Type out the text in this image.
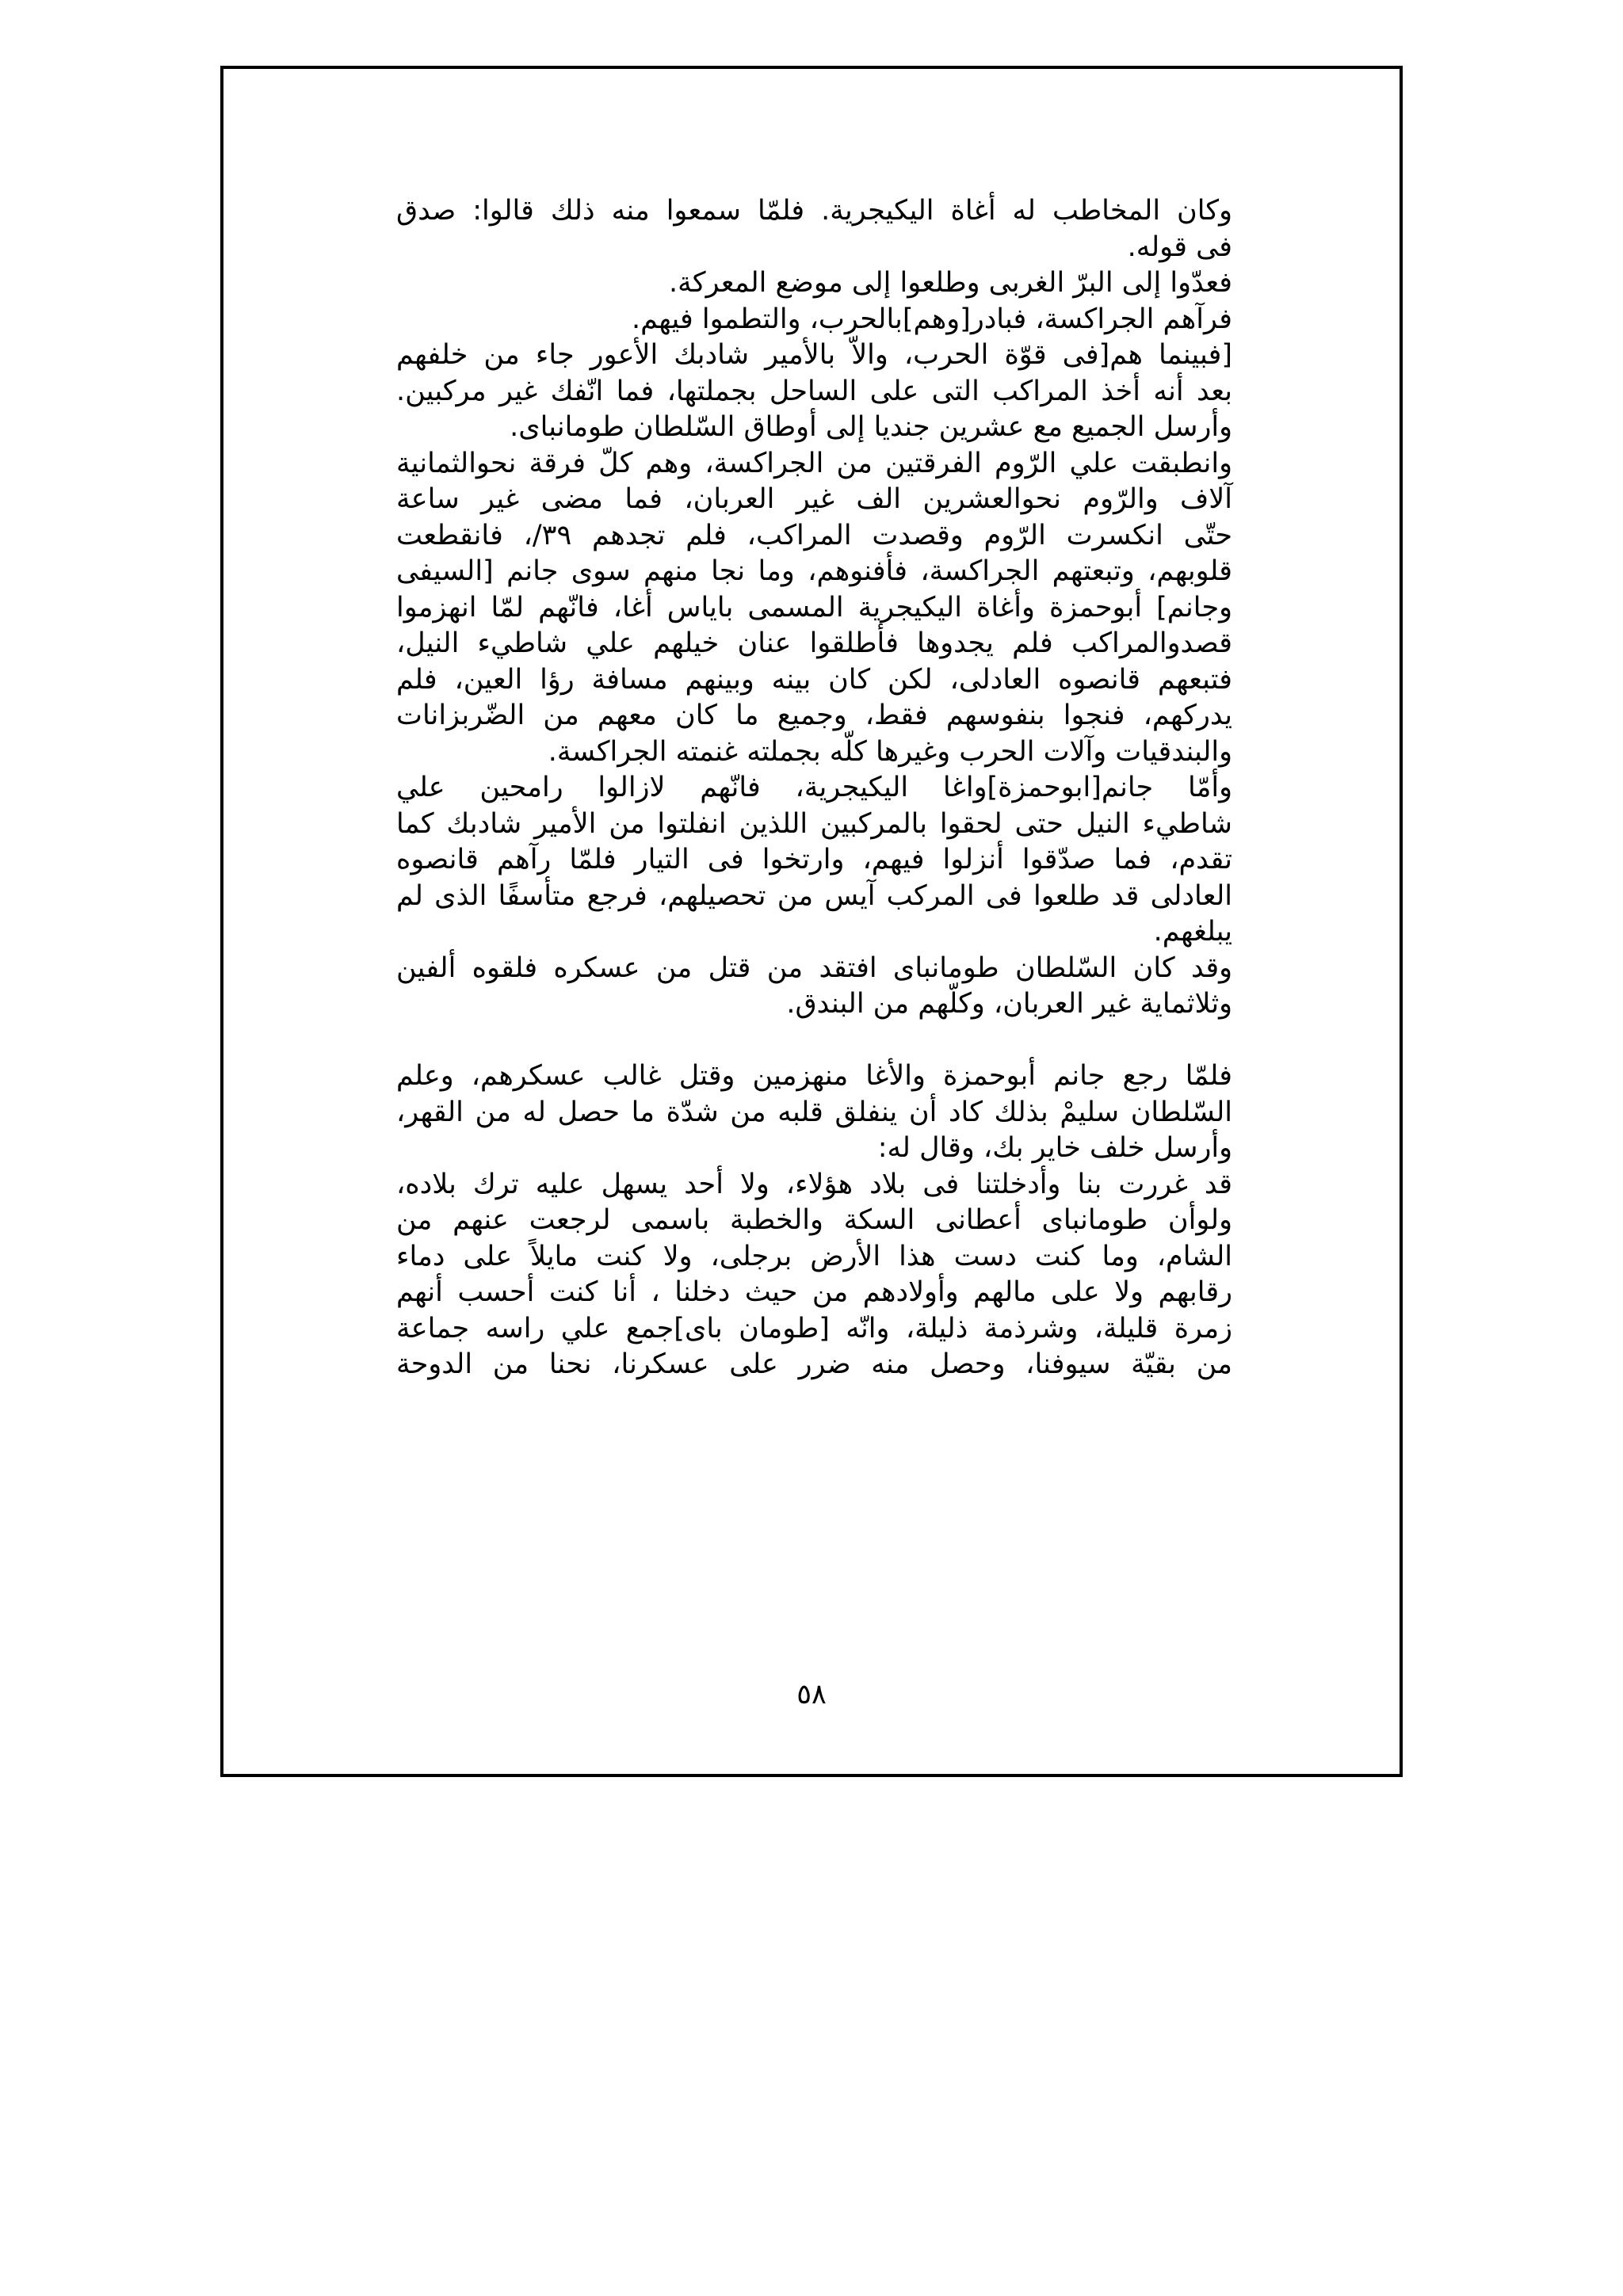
وكان المخاطب له أغاة اليكيجرية. فلمّا سمعوا منه ذلك قالوا: صدق
فى قوله.
فعدّوا إلى البرّ الغربى وطلعوا إلى موضع المعركة.
فرآهم الجراكسة، فبادر[وهم]بالحرب، والتطموا فيهم.
[فبينما هم[فى قوّة الحرب، والاّ بالأمير شادبك الأعور جاء من خلفهم
بعد أنه أخذ المراكب التى على الساحل بجملتها، فما انّفك غير مركبين.
وأرسل الجميع مع عشرين جنديا إلى أوطاق السّلطان طومانباى.
وانطبقت علي الرّوم الفرقتين من الجراكسة، وهم كلّ فرقة نحوالثمانية
آلاف والرّوم نحوالعشرين الف غير العربان، فما مضى غير ساعة
حتّى انكسرت الرّوم وقصدت المراكب، فلم تجدهم ٣٩/، فانقطعت
قلوبهم، وتبعتهم الجراكسة، فأفنوهم، وما نجا منهم سوى جانم [السيفى
وجانم] أبوحمزة وأغاة اليكيجرية المسمى باياس أغا، فانّهم لمّا انهزموا
قصدوالمراكب فلم يجدوها فأطلقوا عنان خيلهم علي شاطيء النيل،
فتبعهم قانصوه العادلى، لكن كان بينه وبينهم مسافة رؤا العين، فلم
يدركهم، فنجوا بنفوسهم فقط، وجميع ما كان معهم من الضّربزانات
والبندقيات وآلات الحرب وغيرها كلّه بجملته غنمته الجراكسة.
وأمّا جانم[ابوحمزة]واغا اليكيجرية، فانّهم لازالوا رامحين علي
شاطيء النيل حتى لحقوا بالمركبين اللذين انفلتوا من الأمير شادبك كما
تقدم، فما صدّقوا أنزلوا فيهم، وارتخوا فى التيار فلمّا رآهم قانصوه
العادلى قد طلعوا فى المركب آيس من تحصيلهم، فرجع متأسفًا الذى لم
يبلغهم.
وقد كان السّلطان طومانباى افتقد من قتل من عسكره فلقوه ألفين
وثلاثماية غير العربان، وكلّهم من البندق.
فلمّا رجع جانم أبوحمزة والأغا منهزمين وقتل غالب عسكرهم، وعلم
السّلطان سليمْ بذلك كاد أن ينفلق قلبه من شدّة ما حصل له من القهر،
وأرسل خلف خاير بك، وقال له:
قد غررت بنا وأدخلتنا فى بلاد هؤلاء، ولا أحد يسهل عليه ترك بلاده،
ولوأن طومانباى أعطانى السكة والخطبة باسمى لرجعت عنهم من
الشام، وما كنت دست هذا الأرض برجلى، ولا كنت مايلاً على دماء
رقابهم ولا على مالهم وأولادهم من حيث دخلنا ، أنا كنت أحسب أنهم
زمرة قليلة، وشرذمة ذليلة، وانّه [طومان باى]جمع علي راسه جماعة
من بقيّة سيوفنا، وحصل منه ضرر على عسكرنا، نحنا من الدوحة
٥٨
